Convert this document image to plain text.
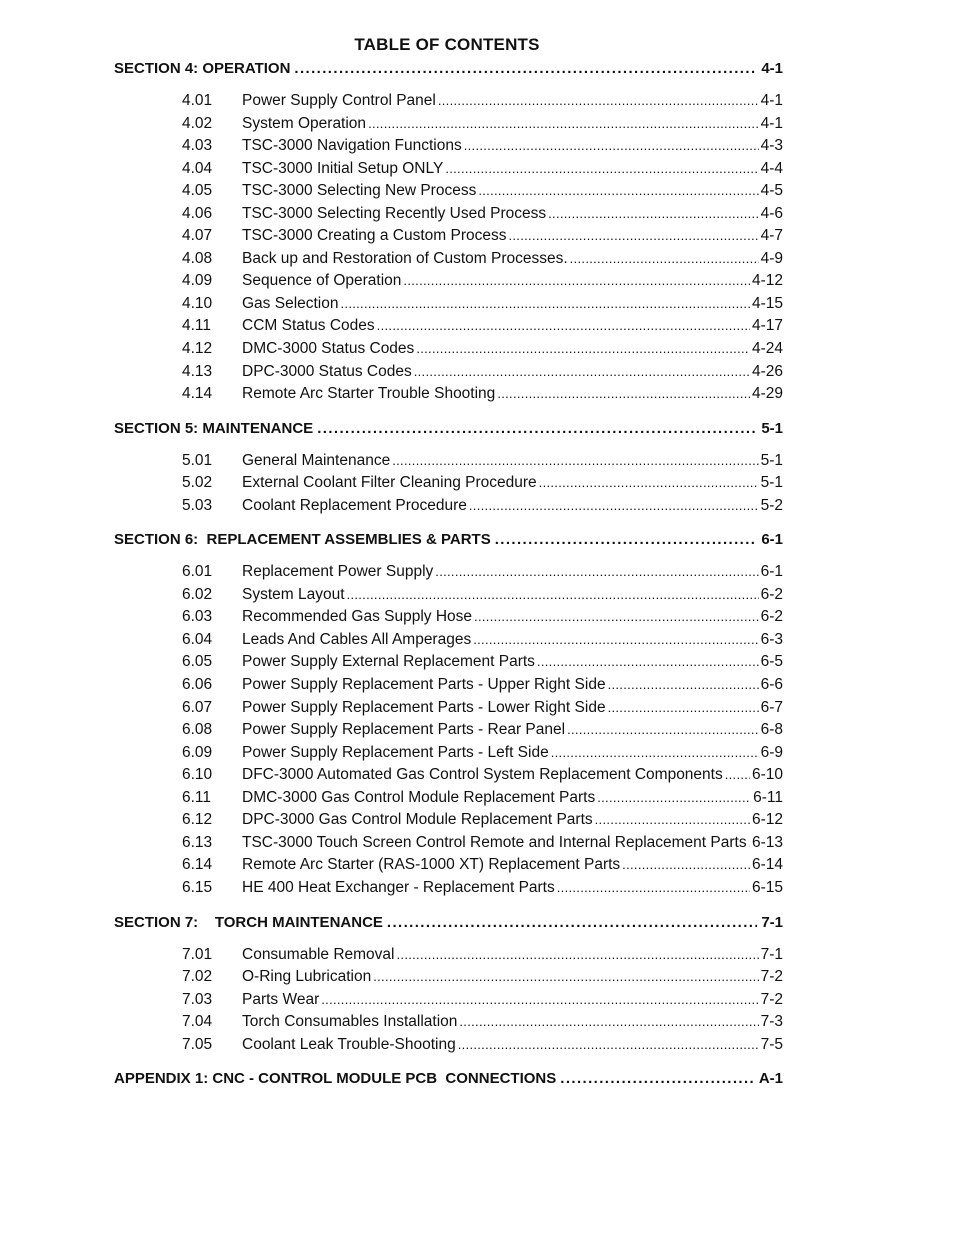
TABLE OF CONTENTS
SECTION 4: OPERATION .....	4-1
4.01	Power Supply Control Panel .....	4-1
4.02	System Operation .....	4-1
4.03	TSC-3000 Navigation Functions .....	4-3
4.04	TSC-3000 Initial Setup ONLY .....	4-4
4.05	TSC-3000 Selecting New Process .....	4-5
4.06	TSC-3000 Selecting Recently Used Process .....	4-6
4.07	TSC-3000 Creating a Custom Process .....	4-7
4.08	Back up and Restoration of Custom Processes. .....	4-9
4.09	Sequence of Operation .....	4-12
4.10	Gas Selection .....	4-15
4.11	CCM Status Codes .....	4-17
4.12	DMC-3000 Status Codes .....	4-24
4.13	DPC-3000 Status Codes .....	4-26
4.14	Remote Arc Starter Trouble Shooting .....	4-29
SECTION 5: MAINTENANCE .....	5-1
5.01	General Maintenance .....	5-1
5.02	External Coolant Filter Cleaning Procedure .....	5-1
5.03	Coolant Replacement Procedure .....	5-2
SECTION 6:  REPLACEMENT ASSEMBLIES & PARTS .....	6-1
6.01	Replacement Power Supply .....	6-1
6.02	System Layout .....	6-2
6.03	Recommended Gas Supply Hose .....	6-2
6.04	Leads And Cables All Amperages .....	6-3
6.05	Power Supply External Replacement Parts .....	6-5
6.06	Power Supply Replacement Parts - Upper Right Side .....	6-6
6.07	Power Supply Replacement Parts - Lower Right Side .....	6-7
6.08	Power Supply Replacement Parts - Rear Panel .....	6-8
6.09	Power Supply Replacement Parts - Left Side .....	6-9
6.10	DFC-3000 Automated Gas Control System Replacement Components ..... 6-10
6.11	DMC-3000 Gas Control Module Replacement Parts .....	6-11
6.12	DPC-3000 Gas Control Module Replacement Parts .....	6-12
6.13	TSC-3000 Touch Screen Control Remote and Internal Replacement Parts ..... 6-13
6.14	Remote Arc Starter (RAS-1000 XT) Replacement Parts .....	6-14
6.15	HE 400 Heat Exchanger - Replacement Parts .....	6-15
SECTION 7:    TORCH MAINTENANCE .....	7-1
7.01	Consumable Removal .....	7-1
7.02	O-Ring Lubrication .....	7-2
7.03	Parts Wear .....	7-2
7.04	Torch Consumables Installation .....	7-3
7.05	Coolant Leak Trouble-Shooting .....	7-5
APPENDIX 1: CNC - CONTROL MODULE PCB  CONNECTIONS .....	A-1
